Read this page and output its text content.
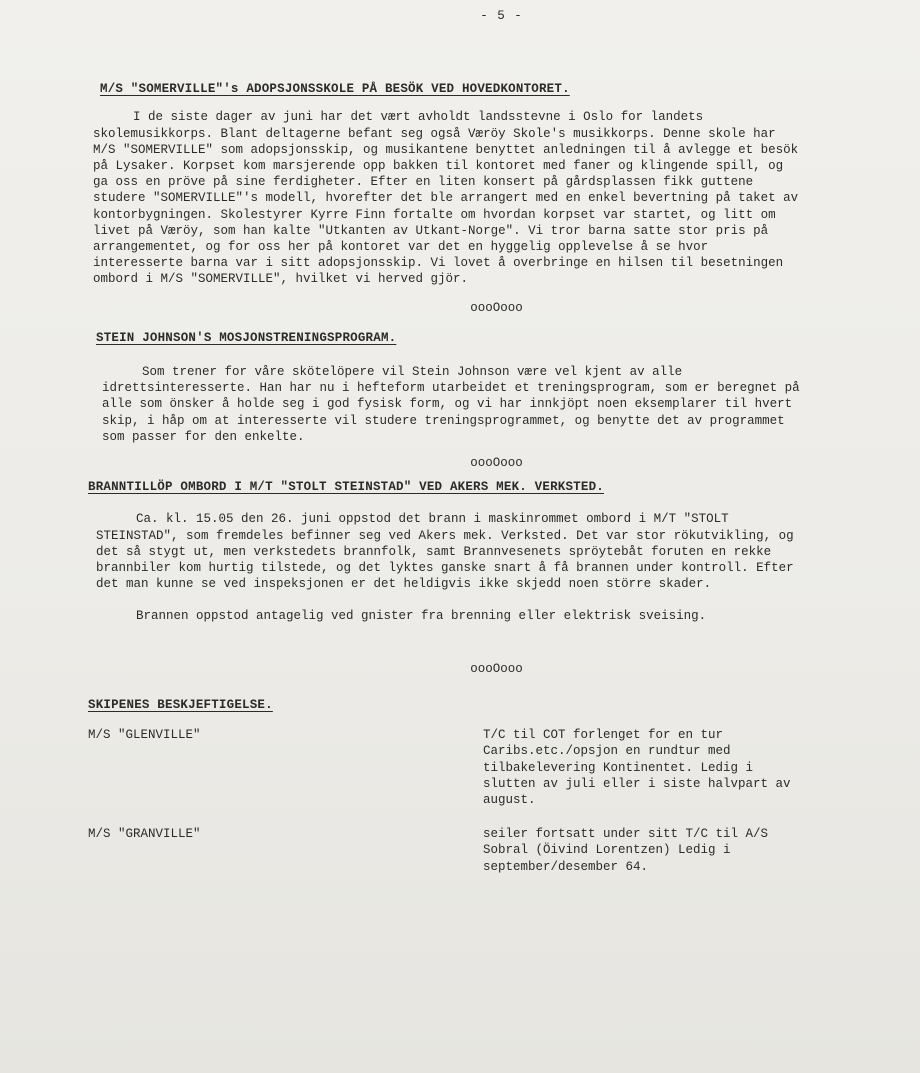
- 5 -
M/S "SOMERVILLE"'s ADOPSJONSSKOLE PÅ BESÖK VED HOVEDKONTORET.

I de siste dager av juni har det vært avholdt landsstevne i Oslo for landets skolemusikkorps. Blant deltagerne befant seg også Væröy Skole's musikkorps. Denne skole har M/S "SOMERVILLE" som adopsjonsskip, og musikantene benyttet anledningen til å avlegge et besök på Lysaker. Korpset kom marsjerende opp bakken til kontoret med faner og klingende spill, og ga oss en pröve på sine ferdigheter. Efter en liten konsert på gårdsplassen fikk guttene studere "SOMERVILLE"'s modell, hvorefter det ble arrangert med en enkel bevertning på taket av kontorbygningen. Skolestyrer Kyrre Finn fortalte om hvordan korpset var startet, og litt om livet på Væröy, som han kalte "Utkanten av Utkant-Norge". Vi tror barna satte stor pris på arrangementet, og for oss her på kontoret var det en hyggelig opplevelse å se hvor interesserte barna var i sitt adopsjonsskip. Vi lovet å overbringe en hilsen til besetningen ombord i M/S "SOMERVILLE", hvilket vi herved gjör.

oooOooo
STEIN JOHNSON'S MOSJONSTRENINGSPROGRAM.

Som trener for våre skötelöpere vil Stein Johnson være vel kjent av alle idrettsinteresserte. Han har nu i hefteform utarbeidet et treningsprogram, som er beregnet på alle som önsker å holde seg i god fysisk form, og vi har innkjöpt noen eksemplarer til hvert skip, i håp om at interesserte vil studere treningsprogrammet, og benytte det av programmet som passer for den enkelte.

oooOooo
BRANNTILLÖP OMBORD I M/T "STOLT STEINSTAD" VED AKERS MEK. VERKSTED.

Ca. kl. 15.05 den 26. juni oppstod det brann i maskinrommet ombord i M/T "STOLT STEINSTAD", som fremdeles befinner seg ved Akers mek. Verksted. Det var stor rökutvikling, og det så stygt ut, men verkstedets brannfolk, samt Brannvesenets spröytebåt foruten en rekke brannbiler kom hurtig tilstede, og det lyktes ganske snart å få brannen under kontroll. Efter det man kunne se ved inspeksjonen er det heldigvis ikke skjedd noen större skader.

Brannen oppstod antagelig ved gnister fra brenning eller elektrisk sveising.

oooOooo
SKIPENES BESKJEFTIGELSE.
M/S "GLENVILLE"	T/C til COT forlenget for en tur Caribs.etc./opsjon en rundtur med tilbakelevering Kontinentet. Ledig i slutten av juli eller i siste halvpart av august.
M/S "GRANVILLE"	seiler fortsatt under sitt T/C til A/S Sobral (Öivind Lorentzen) Ledig i september/desember 64.
